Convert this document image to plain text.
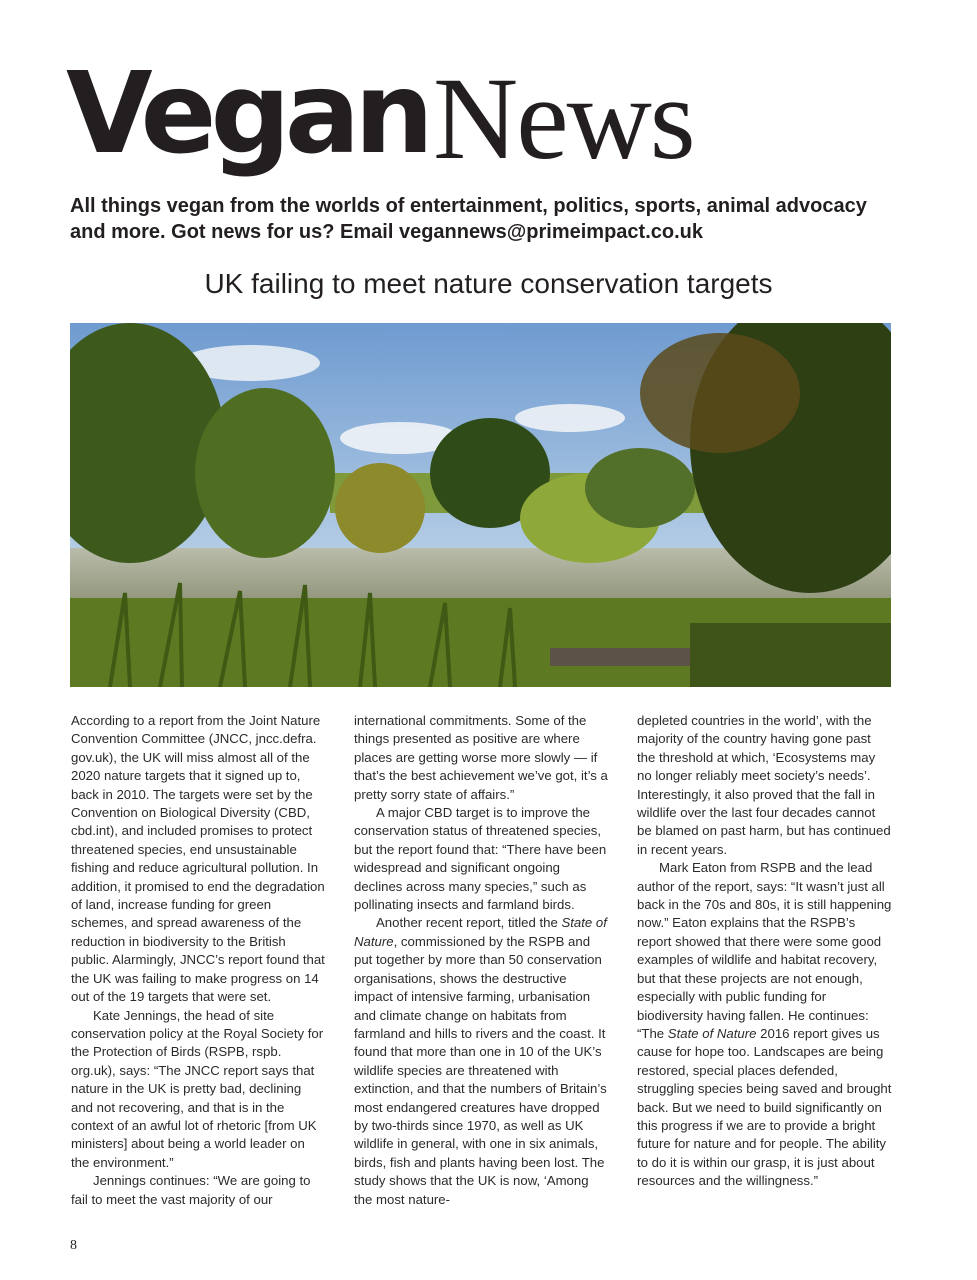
Vegan News
All things vegan from the worlds of entertainment, politics, sports, animal advocacy and more. Got news for us? Email vegannews@primeimpact.co.uk
UK failing to meet nature conservation targets

According to a report from the Joint Nature Convention Committee (JNCC, jncc.defra. gov.uk), the UK will miss almost all of the 2020 nature targets that it signed up to, back in 2010. The targets were set by the Convention on Biological Diversity (CBD, cbd.int), and included promises to protect threatened species, end unsustainable fishing and reduce agricultural pollution. In addition, it promised to end the degradation of land, increase funding for green schemes, and spread awareness of the reduction in biodiversity to the British public. Alarmingly, JNCC’s report found that the UK was failing to make progress on 14 out of the 19 targets that were set.

Kate Jennings, the head of site conservation policy at the Royal Society for the Protection of Birds (RSPB, rspb. org.uk), says: “The JNCC report says that nature in the UK is pretty bad, declining and not recovering, and that is in the context of an awful lot of rhetoric [from UK ministers] about being a world leader on the environment.”

Jennings continues: “We are going to fail to meet the vast majority of our

international commitments. Some of the things presented as positive are where places are getting worse more slowly — if that’s the best achievement we’ve got, it’s a pretty sorry state of affairs.”

A major CBD target is to improve the conservation status of threatened species, but the report found that: “There have been widespread and significant ongoing declines across many species,” such as pollinating insects and farmland birds.

Another recent report, titled the State of Nature, commissioned by the RSPB and put together by more than 50 conservation organisations, shows the destructive impact of intensive farming, urbanisation and climate change on habitats from farmland and hills to rivers and the coast. It found that more than one in 10 of the UK’s wildlife species are threatened with extinction, and that the numbers of Britain’s most endangered creatures have dropped by two-thirds since 1970, as well as UK wildlife in general, with one in six animals, birds, fish and plants having been lost. The study shows that the UK is now, ‘Among the most nature-

depleted countries in the world’, with the majority of the country having gone past the threshold at which, ‘Ecosystems may no longer reliably meet society’s needs’. Interestingly, it also proved that the fall in wildlife over the last four decades cannot be blamed on past harm, but has continued in recent years.

Mark Eaton from RSPB and the lead author of the report, says: “It wasn’t just all back in the 70s and 80s, it is still happening now.” Eaton explains that the RSPB’s report showed that there were some good examples of wildlife and habitat recovery, but that these projects are not enough, especially with public funding for biodiversity having fallen. He continues: “The State of Nature 2016 report gives us cause for hope too. Landscapes are being restored, special places defended, struggling species being saved and brought back. But we need to build significantly on this progress if we are to provide a bright future for nature and for people. The ability to do it is within our grasp, it is just about resources and the willingness.”

8
